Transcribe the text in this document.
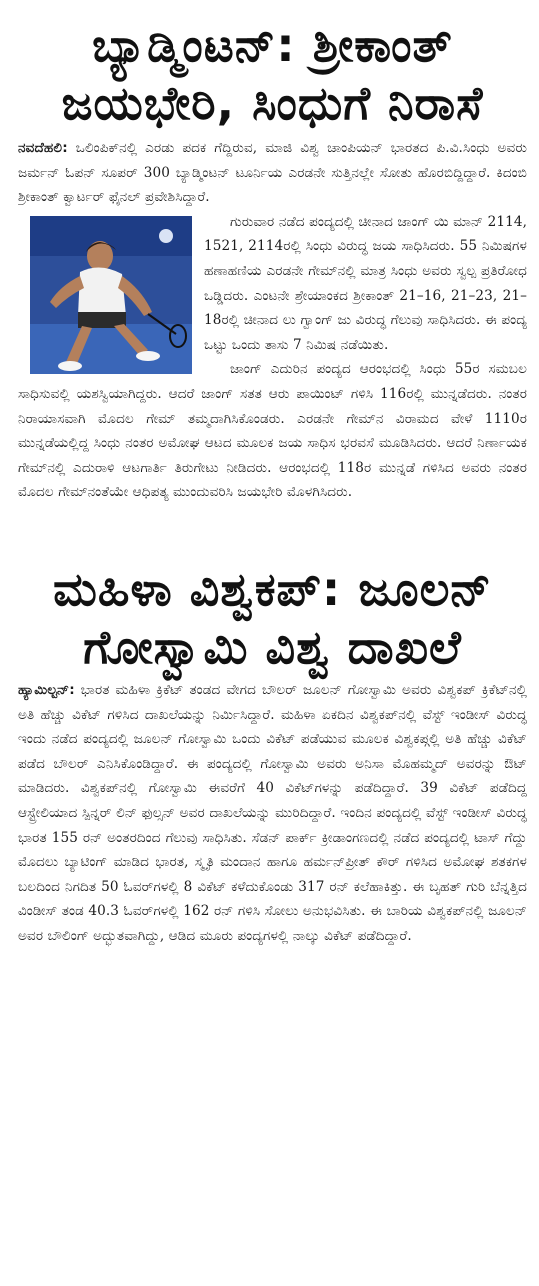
ಬ್ಯಾಡ್ಮಿಂಟನ್: ಶ್ರೀಕಾಂತ್

ಜಯಭೇರಿ, ಸಿಂಧುಗೆ ನಿರಾಸೆ

ನವದೆಹಲಿ: ಒಲಿಂಪಿಕ್‌ನಲ್ಲಿ ಎರಡು ಪದಕ ಗೆದ್ದಿರುವ, ಮಾಜಿ ವಿಶ್ವ ಚಾಂಪಿಯನ್ ಭಾರತದ ಪಿ.ವಿ.ಸಿಂಧು ಅವರು ಜರ್ಮನ್ ಓಪನ್ ಸೂಪರ್ 300 ಬ್ಯಾಡ್ಮಿಂಟನ್ ಟೂರ್ನಿಯ ಎರಡನೇ ಸುತ್ತಿನಲ್ಲೇ ಸೋತು ಹೊರಬಿದ್ದಿದ್ದಾರೆ. ಕಿದಂಬಿ ಶ್ರೀಕಾಂತ್ ಕ್ವಾರ್ಟರ್ ಫೈನಲ್ ಪ್ರವೇಶಿಸಿದ್ದಾರೆ.

ಗುರುವಾರ ನಡೆದ ಪಂದ್ಯದಲ್ಲಿ ಚೀನಾದ ಜಾಂಗ್ ಯಿ ಮಾನ್ 2114, 1521, 2114ರಲ್ಲಿ ಸಿಂಧು ವಿರುದ್ಧ ಜಯ ಸಾಧಿಸಿದರು. 55 ನಿಮಿಷಗಳ ಹಣಾಹಣಿಯ ಎರಡನೇ ಗೇಮ್‌ನಲ್ಲಿ ಮಾತ್ರ ಸಿಂಧು ಅವರು ಸ್ವಲ್ಪ ಪ್ರತಿರೋಧ ಒಡ್ಡಿದರು. ಎಂಟನೇ ಶ್ರೇಯಾಂಕದ ಶ್ರೀಕಾಂತ್ 21–16, 21–23, 21–18ರಲ್ಲಿ ಚೀನಾದ ಲು ಗ್ವಾಂಗ್ ಜು ವಿರುದ್ಧ ಗೆಲುವು ಸಾಧಿಸಿದರು. ಈ ಪಂದ್ಯ ಒಟ್ಟು ಒಂದು ತಾಸು 7 ನಿಮಿಷ ನಡೆಯಿತು.

ಜಾಂಗ್ ಎದುರಿನ ಪಂದ್ಯದ ಆರಂಭದಲ್ಲಿ ಸಿಂಧು 55ರ ಸಮಬಲ ಸಾಧಿಸುವಲ್ಲಿ ಯಶಸ್ವಿಯಾಗಿದ್ದರು. ಆದರೆ ಜಾಂಗ್ ಸತತ ಆರು ಪಾಯಿಂಟ್ ಗಳಿಸಿ 116ರಲ್ಲಿ ಮುನ್ನಡೆದರು. ನಂತರ ನಿರಾಯಾಸವಾಗಿ ಮೊದಲ ಗೇಮ್ ತಮ್ಮದಾಗಿಸಿಕೊಂಡರು. ಎರಡನೇ ಗೇಮ್‌ನ ವಿರಾಮದ ವೇಳೆ 1110ರ ಮುನ್ನಡೆಯಲ್ಲಿದ್ದ ಸಿಂಧು ನಂತರ ಅಮೋಘ ಆಟದ ಮೂಲಕ ಜಯ ಸಾಧಿಸ ಭರವಸೆ ಮೂಡಿಸಿದರು. ಆದರೆ ನಿರ್ಣಾಯಕ ಗೇಮ್‌ನಲ್ಲಿ ಎದುರಾಳಿ ಆಟಗಾರ್ತಿ ತಿರುಗೇಟು ನೀಡಿದರು. ಆರಂಭದಲ್ಲಿ 118ರ ಮುನ್ನಡೆ ಗಳಿಸಿದ ಅವರು ನಂತರ ಮೊದಲ ಗೇಮ್‌ನಂತೆಯೇ ಆಧಿಪತ್ಯ ಮುಂದುವರಿಸಿ ಜಯಭೇರಿ ಮೊಳಗಿಸಿದರು.

ಮಹಿಳಾ ವಿಶ್ವಕಪ್: ಜೂಲನ್

ಗೋಸ್ವಾಮಿ ವಿಶ್ವ ದಾಖಲೆ

ಹ್ಯಾಮಿಲ್ಟನ್: ಭಾರತ ಮಹಿಳಾ ಕ್ರಿಕೆಟ್ ತಂಡದ ವೇಗದ ಬೌಲರ್ ಜೂಲನ್ ಗೋಸ್ವಾಮಿ ಅವರು ವಿಶ್ವಕಪ್ ಕ್ರಿಕೆಟ್‌ನಲ್ಲಿ ಅತಿ ಹೆಚ್ಚು ವಿಕೆಟ್ ಗಳಿಸಿದ ದಾಖಲೆಯನ್ನು ನಿರ್ಮಿಸಿದ್ದಾರೆ. ಮಹಿಳಾ ಏಕದಿನ ವಿಶ್ವಕಪ್‌ನಲ್ಲಿ ವೆಸ್ಟ್ ಇಂಡೀಸ್ ವಿರುದ್ಧ ಇಂದು ನಡೆದ ಪಂದ್ಯದಲ್ಲಿ ಜೂಲನ್ ಗೋಸ್ವಾಮಿ ಒಂದು ವಿಕೆಟ್ ಪಡೆಯುವ ಮೂಲಕ ವಿಶ್ವಕಪ್ಗಲ್ಲಿ ಅತಿ ಹೆಚ್ಚು ವಿಕೆಟ್ ಪಡೆದ ಬೌಲರ್ ಎನಿಸಿಕೊಂಡಿದ್ದಾರೆ. ಈ ಪಂದ್ಯದಲ್ಲಿ ಗೋಸ್ವಾಮಿ ಅವರು ಅನಿಸಾ ಮೊಹಮ್ಮದ್ ಅವರನ್ನು ಔಟ್ ಮಾಡಿದರು. ವಿಶ್ವಕಪ್‌ನಲ್ಲಿ ಗೋಸ್ವಾಮಿ ಈವರೆಗೆ 40 ವಿಕೆಟ್‌ಗಳನ್ನು ಪಡೆದಿದ್ದಾರೆ. 39 ವಿಕೆಟ್ ಪಡೆದಿದ್ದ ಆಸ್ಟ್ರೇಲಿಯಾದ ಸ್ಪಿನ್ನರ್ ಲಿನ್ ಫುಲ್ಸನ್ ಅವರ ದಾಖಲೆಯನ್ನು ಮುರಿದಿದ್ದಾರೆ. ಇಂದಿನ ಪಂದ್ಯದಲ್ಲಿ ವೆಸ್ಟ್ ಇಂಡೀಸ್ ವಿರುದ್ಧ ಭಾರತ 155 ರನ್ ಅಂತರದಿಂದ ಗೆಲುವು ಸಾಧಿಸಿತು. ಸೆಡನ್ ಪಾರ್ಕ್ ಕ್ರೀಡಾಂಗಣದಲ್ಲಿ ನಡೆದ ಪಂದ್ಯದಲ್ಲಿ ಟಾಸ್ ಗೆದ್ದು ಮೊದಲು ಬ್ಯಾಟಿಂಗ್ ಮಾಡಿದ ಭಾರತ, ಸ್ಮೃತಿ ಮಂದಾನ ಹಾಗೂ ಹರ್ಮನ್‌ಪ್ರೀತ್ ಕೌರ್ ಗಳಿಸಿದ ಅಮೋಘ ಶತಕಗಳ ಬಲದಿಂದ ನಿಗದಿತ 50 ಓವರ್‌ಗಳಲ್ಲಿ 8 ವಿಕೆಟ್ ಕಳೆದುಕೊಂಡು 317 ರನ್ ಕಲೆಹಾಕಿತ್ತು. ಈ ಬೃಹತ್ ಗುರಿ ಬೆನ್ನತ್ತಿದ ವಿಂಡೀಸ್ ತಂಡ 40.3 ಓವರ್‌ಗಳಲ್ಲಿ 162 ರನ್ ಗಳಿಸಿ ಸೋಲು ಅನುಭವಿಸಿತು. ಈ ಬಾರಿಯ ವಿಶ್ವಕಪ್‌ನಲ್ಲಿ ಜೂಲನ್ ಅವರ ಬೌಲಿಂಗ್ ಅದ್ಭುತವಾಗಿದ್ದು, ಆಡಿದ ಮೂರು ಪಂದ್ಯಗಳಲ್ಲಿ ನಾಲ್ಕು ವಿಕೆಟ್ ಪಡೆದಿದ್ದಾರೆ.
